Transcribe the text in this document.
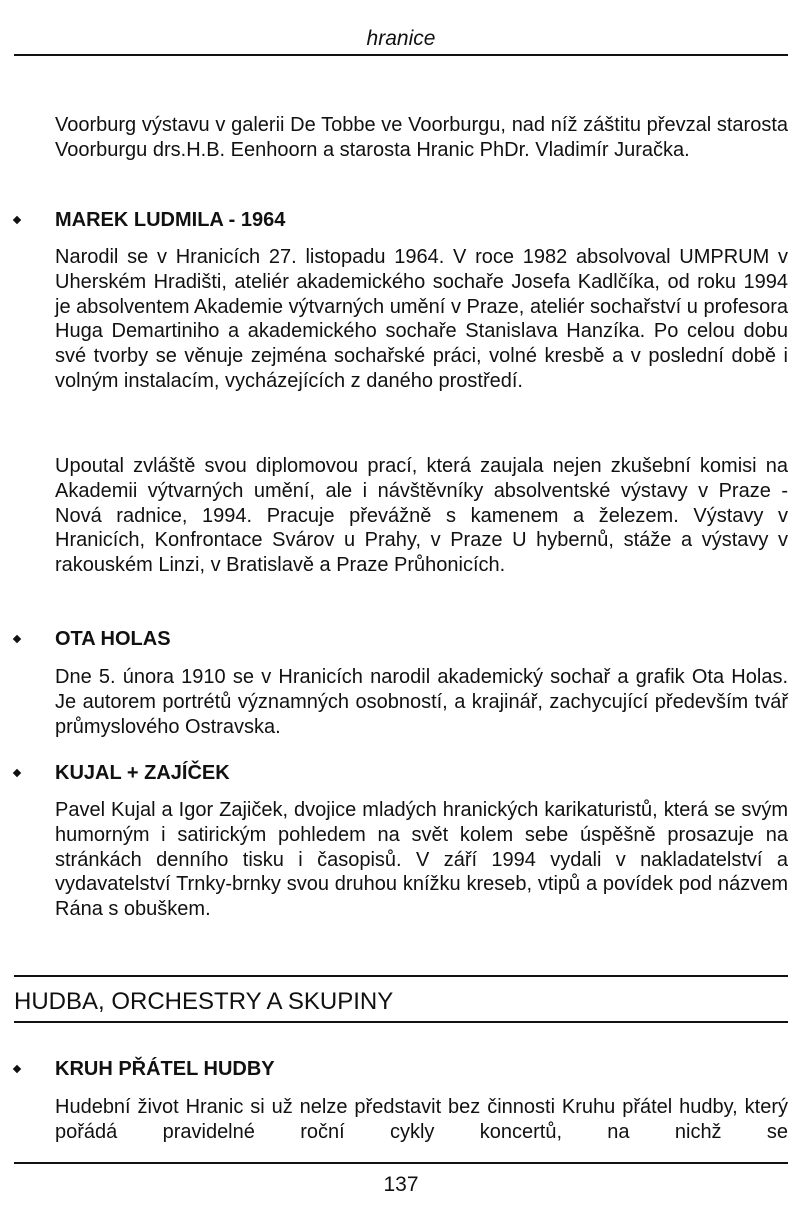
hranice

Voorburg výstavu v galerii De Tobbe ve Voorburgu, nad níž záštitu převzal starosta Voorburgu drs.H.B. Eenhoorn a starosta Hranic PhDr. Vladimír Juračka.

MAREK LUDMILA - 1964

Narodil se v Hranicích 27. listopadu 1964. V roce 1982 absolvoval UMPRUM v Uherském Hradišti, ateliér akademického sochaře Josefa Kadlčíka, od roku 1994 je absolventem Akademie výtvarných umění v Praze, ateliér sochařství u profesora Huga Demartiniho a akademického sochaře Stanislava Hanzíka. Po celou dobu své tvorby se věnuje zejména sochařské práci, volné kresbě a v poslední době i volným instalacím, vycházejících z daného prostředí.

Upoutal zvláště svou diplomovou prací, která zaujala nejen zkušební komisi na Akademii výtvarných umění, ale i návštěvníky absolventské výstavy v Praze - Nová radnice, 1994. Pracuje převážně s kamenem a železem. Výstavy v Hranicích, Konfrontace Svárov u Prahy, v Praze U hybernů, stáže a výstavy v rakouském Linzi, v Bratislavě a Praze Průhonicích.

OTA HOLAS

Dne 5. února 1910 se v Hranicích narodil akademický sochař a grafik Ota Holas. Je autorem portrétů významných osobností, a krajinář, zachycující především tvář průmyslového Ostravska.

KUJAL + ZAJÍČEK

Pavel Kujal a Igor Zajiček, dvojice mladých hranických karikaturistů, která se svým humorným i satirickým pohledem na svět kolem sebe úspěšně prosazuje na stránkách denního tisku i časopisů. V září 1994 vydali v nakladatelství a vydavatelství Trnky-brnky svou druhou knížku kreseb, vtipů a povídek pod názvem Rána s obuškem.

HUDBA, ORCHESTRY A SKUPINY
KRUH PŘÁTEL HUDBY

Hudební život Hranic si už nelze představit bez činnosti Kruhu přátel hudby, který pořádá pravidelné roční cykly koncertů, na nichž se

137
